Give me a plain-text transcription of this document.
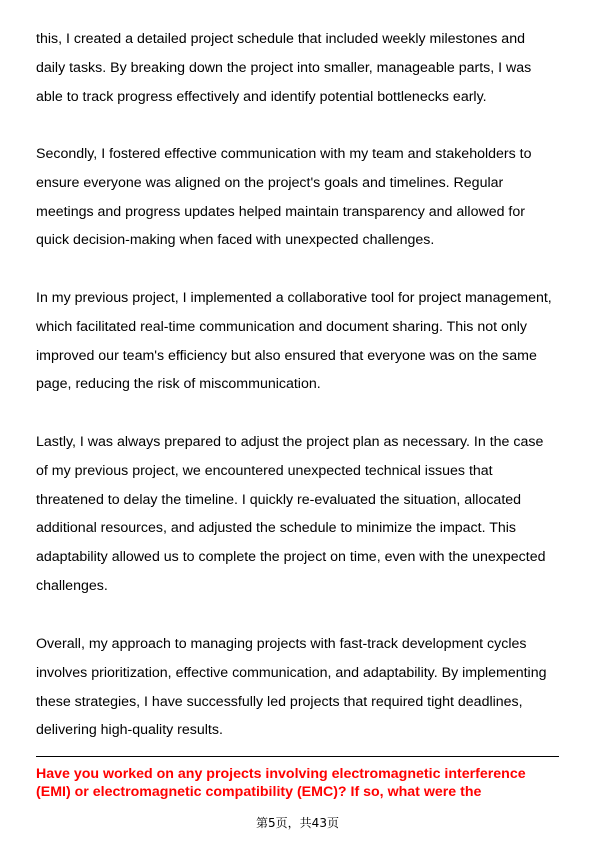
this, I created a detailed project schedule that included weekly milestones and
daily tasks. By breaking down the project into smaller, manageable parts, I was
able to track progress effectively and identify potential bottlenecks early.

Secondly, I fostered effective communication with my team and stakeholders to
ensure everyone was aligned on the project's goals and timelines. Regular
meetings and progress updates helped maintain transparency and allowed for
quick decision-making when faced with unexpected challenges.

In my previous project, I implemented a collaborative tool for project management,
which facilitated real-time communication and document sharing. This not only
improved our team's efficiency but also ensured that everyone was on the same
page, reducing the risk of miscommunication.

Lastly, I was always prepared to adjust the project plan as necessary. In the case
of my previous project, we encountered unexpected technical issues that
threatened to delay the timeline. I quickly re-evaluated the situation, allocated
additional resources, and adjusted the schedule to minimize the impact. This
adaptability allowed us to complete the project on time, even with the unexpected
challenges.

Overall, my approach to managing projects with fast-track development cycles
involves prioritization, effective communication, and adaptability. By implementing
these strategies, I have successfully led projects that required tight deadlines,
delivering high-quality results.

Have you worked on any projects involving electromagnetic interference
(EMI) or electromagnetic compatibility (EMC)? If so, what were the

第5页，共43页
